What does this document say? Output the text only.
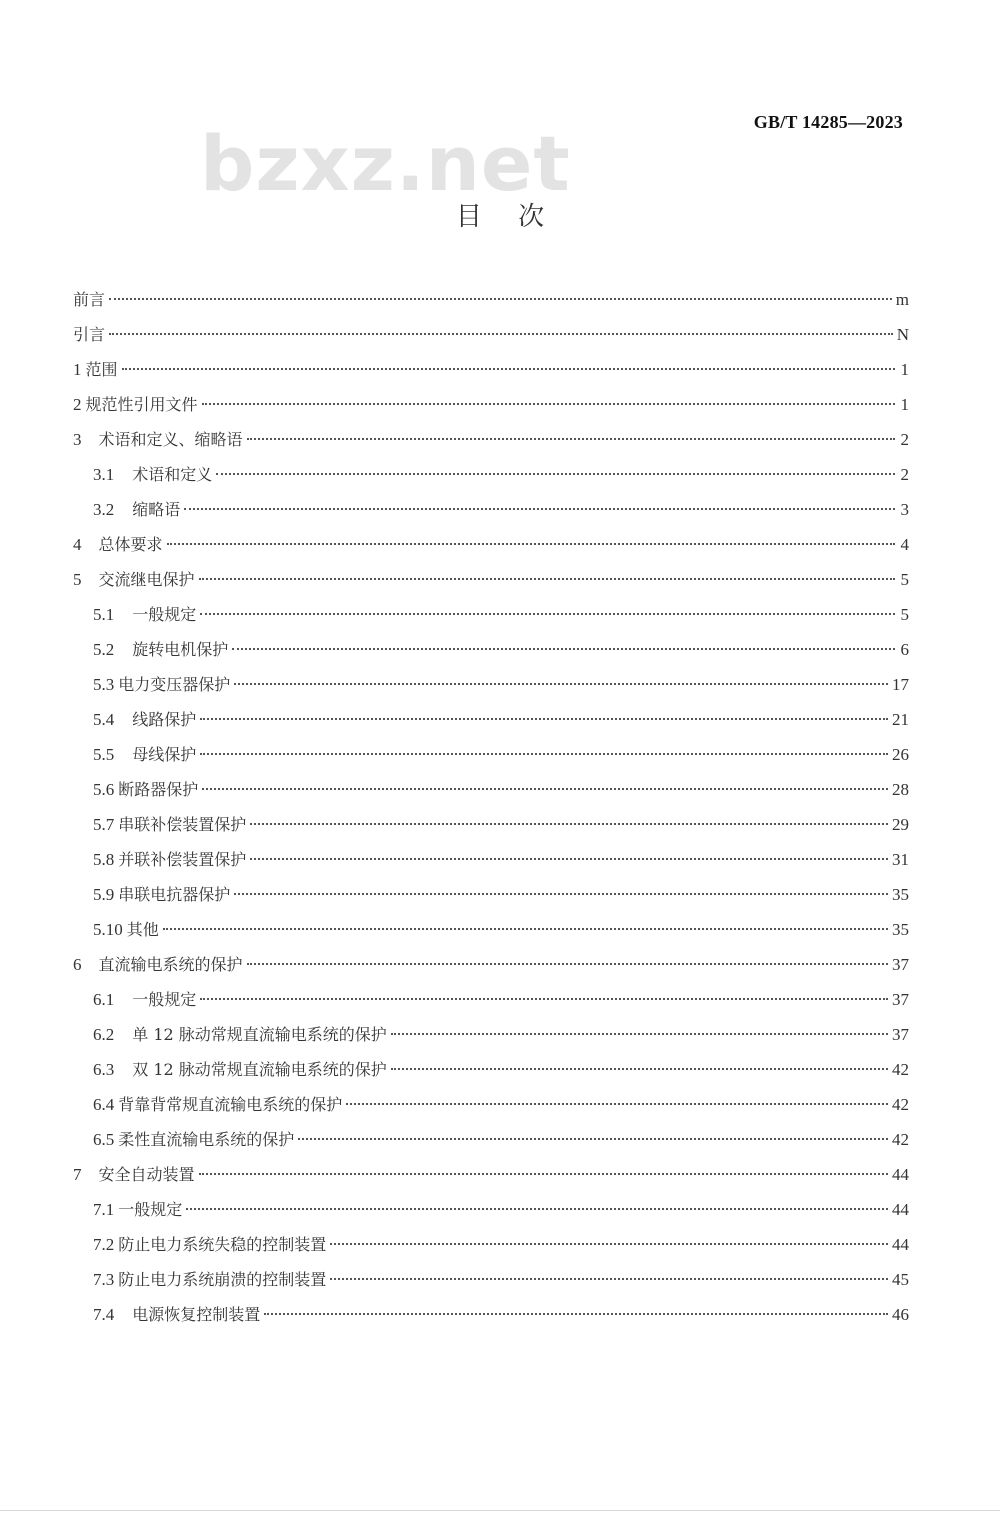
GB/T 14285—2023
bzxz.net
目 次
前言	m
引言	N
1 范围	1
2 规范性引用文件	1
3 术语和定义、缩略语	2
3.1 术语和定义	2
3.2 缩略语	3
4 总体要求	4
5 交流继电保护	5
5.1 一般规定	5
5.2 旋转电机保护	6
5.3 电力变压器保护	17
5.4 线路保护	21
5.5 母线保护	26
5.6 断路器保护	28
5.7 串联补偿装置保护	29
5.8 并联补偿装置保护	31
5.9 串联电抗器保护	35
5.10 其他	35
6 直流输电系统的保护	37
6.1 一般规定	37
6.2 单 12 脉动常规直流输电系统的保护	37
6.3 双 12 脉动常规直流输电系统的保护	42
6.4 背靠背常规直流输电系统的保护	42
6.5 柔性直流输电系统的保护	42
7 安全自动装置	44
7.1 一般规定	44
7.2 防止电力系统失稳的控制装置	44
7.3 防止电力系统崩溃的控制装置	45
7.4 电源恢复控制装置	46
